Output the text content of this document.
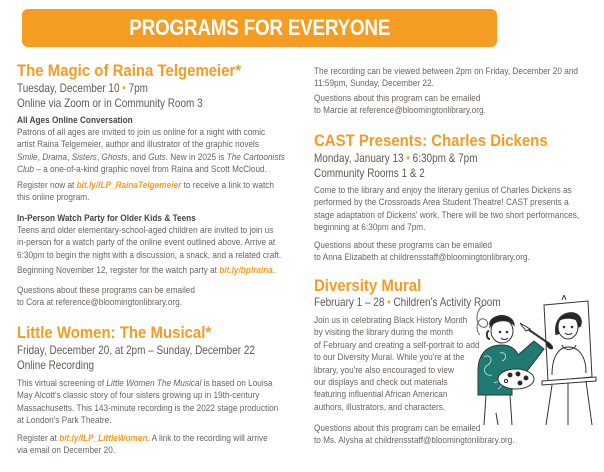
PROGRAMS FOR EVERYONE
The Magic of Raina Telgemeier*
Tuesday, December 10 • 7pm
Online via Zoom or in Community Room 3
All Ages Online Conversation
Patrons of all ages are invited to join us online for a night with comic
artist Raina Telgemeier, author and illustrator of the graphic novels
Smile, Drama, Sisters, Ghosts, and Guts. New in 2025 is The Cartoonists
Club – a one-of-a-kind graphic novel from Raina and Scott McCloud.
Register now at bit.ly/ILP_RainaTelgemeier to receive a link to watch
this online program.
In-Person Watch Party for Older Kids & Teens
Teens and older elementary-school-aged children are invited to join us
in-person for a watch party of the online event outlined above. Arrive at
6:30pm to begin the night with a discussion, a snack, and a related craft.
Beginning November 12, register for the watch party at bit.ly/bplraina.
Questions about these programs can be emailed
to Cora at reference@bloomingtonlibrary.org.
Little Women: The Musical*
Friday, December 20, at 2pm – Sunday, December 22
Online Recording
This virtual screening of Little Women The Musical is based on Louisa
May Alcott's classic story of four sisters growing up in 19th-century
Massachusetts. This 143-minute recording is the 2022 stage production
at London's Park Theatre.
Register at bit.ly/ILP_LittleWomen. A link to the recording will arrive
via email on December 20.
The recording can be viewed between 2pm on Friday, December 20 and
11:59pm, Sunday, December 22.
Questions about this program can be emailed
to Marcie at reference@bloomingtonlibrary.org.
CAST Presents: Charles Dickens
Monday, January 13 • 6:30pm & 7pm
Community Rooms 1 & 2
Come to the library and enjoy the literary genius of Charles Dickens as
performed by the Crossroads Area Student Theatre! CAST presents a
stage adaptation of Dickens' work. There will be two short performances,
beginning at 6:30pm and 7pm.
Questions about these programs can be emailed
to Anna Elizabeth at childrensstaff@bloomingtonlibrary.org.
Diversity Mural
February 1 – 28 • Children's Activity Room
Join us in celebrating Black History Month
by visiting the library during the month
of February and creating a self-portrait to add
to our Diversity Mural. While you're at the
library, you're also encouraged to view
our displays and check out materials
featuring influential African American
authors, illustrators, and characters.
Questions about this program can be emailed
to Ms. Alysha at childrensstaff@bloomingtonlibrary.org.
